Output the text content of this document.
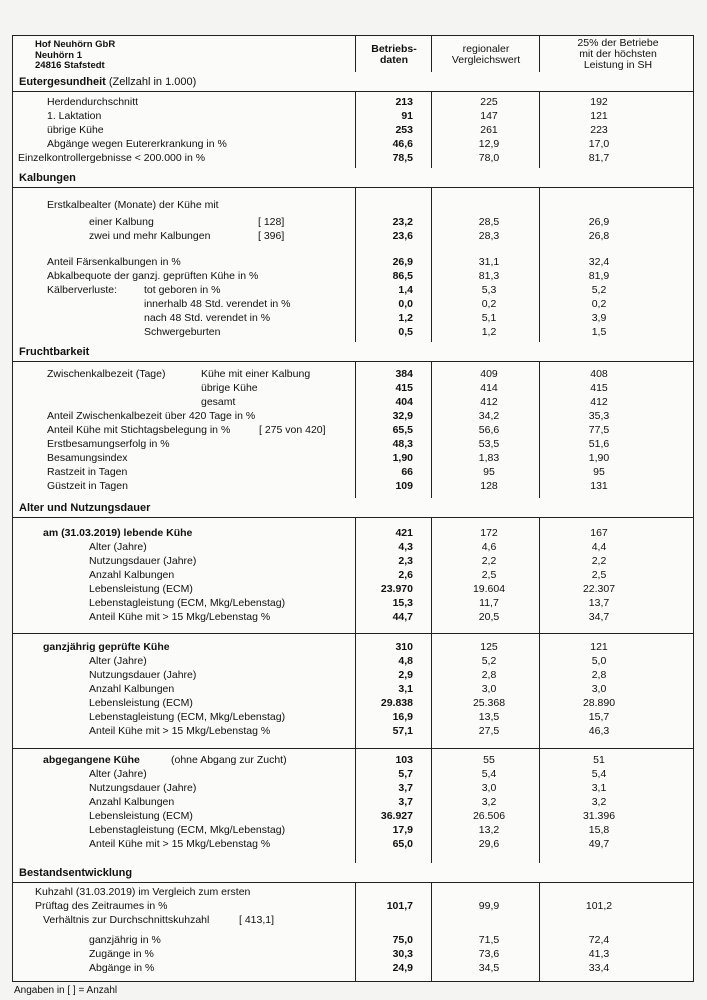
Hof Neuhörn GbR
Neuhörn 1
24816 Stafstedt
Betriebs-
daten
regionaler
Vergleichswert
25% der Betriebe
mit der höchsten
Leistung in SH
Eutergesundheit (Zellzahl in 1.000)
Herdendurchschnitt	213	225	192
1. Laktation	91	147	121
übrige Kühe	253	261	223
Abgänge wegen Eutererkrankung in %	46,6	12,9	17,0
Einzelkontrollergebnisse < 200.000 in %	78,5	78,0	81,7
Erstkalbealter (Monate) der Kühe mit
einer Kalbung	[ 128]	23,2	28,5	26,9
zwei und mehr Kalbungen	[ 396]	23,6	28,3	26,8
Anteil Färsenkalbungen in %	26,9	31,1	32,4
Abkalbequote der ganzj. geprüften Kühe in %	86,5	81,3	81,9
Kälberverluste:	tot geboren in %	1,4	5,3	5,2
innerhalb 48 Std. verendet in %	0,0	0,2	0,2
nach 48 Std. verendet in %	1,2	5,1	3,9
Schwergeburten	0,5	1,2	1,5
Zwischenkalbezeit (Tage)	Kühe mit einer Kalbung	384	409	408
übrige Kühe	415	414	415
gesamt	404	412	412
Anteil Zwischenkalbezeit über 420 Tage in %	32,9	34,2	35,3
Anteil Kühe mit Stichtagsbelegung in %	[ 275 von 420]	65,5	56,6	77,5
Erstbesamungserfolg in %	48,3	53,5	51,6
Besamungsindex	1,90	1,83	1,90
Rastzeit in Tagen	66	95	95
Güstzeit in Tagen	109	128	131
am (31.03.2019) lebende Kühe	421	172	167
Alter (Jahre)	4,3	4,6	4,4
Nutzungsdauer (Jahre)	2,3	2,2	2,2
Anzahl Kalbungen	2,6	2,5	2,5
Lebensleistung (ECM)	23.970	19.604	22.307
Lebenstagleistung (ECM, Mkg/Lebenstag)	15,3	11,7	13,7
Anteil Kühe mit > 15 Mkg/Lebenstag %	44,7	20,5	34,7
ganzjährig geprüfte Kühe	310	125	121
Alter (Jahre)	4,8	5,2	5,0
Nutzungsdauer (Jahre)	2,9	2,8	2,8
Anzahl Kalbungen	3,1	3,0	3,0
Lebensleistung (ECM)	29.838	25.368	28.890
Lebenstagleistung (ECM, Mkg/Lebenstag)	16,9	13,5	15,7
Anteil Kühe mit > 15 Mkg/Lebenstag %	57,1	27,5	46,3
abgegangene Kühe	(ohne Abgang zur Zucht)	103	55	51
Alter (Jahre)	5,7	5,4	5,4
Nutzungsdauer (Jahre)	3,7	3,0	3,1
Anzahl Kalbungen	3,7	3,2	3,2
Lebensleistung (ECM)	36.927	26.506	31.396
Lebenstagleistung (ECM, Mkg/Lebenstag)	17,9	13,2	15,8
Anteil Kühe mit > 15 Mkg/Lebenstag %	65,0	29,6	49,7
Kuhzahl (31.03.2019) im Vergleich zum ersten
Prüftag des Zeitraumes in %	101,7	99,9	101,2
Verhältnis zur Durchschnittskuhzahl	[ 413,1]
ganzjährig in %	75,0	71,5	72,4
Zugänge in %	30,3	73,6	41,3
Abgänge in %	24,9	34,5	33,4
Kalbungen
Fruchtbarkeit
Alter und Nutzungsdauer
Bestandsentwicklung
Angaben in [ ] = Anzahl
